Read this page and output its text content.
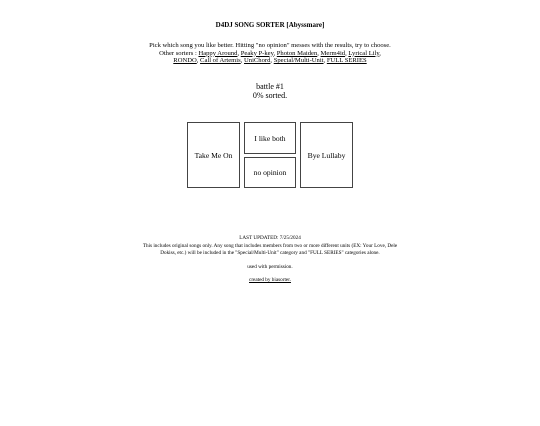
D4DJ SONG SORTER [Abyssmare]
Pick which song you like better. Hitting "no opinion" messes with the results, try to choose.
Other sorters : Happy Around, Peaky P-key, Photon Maiden, Merm4id, Lyrical Lily,
RONDO, Call of Artemis, UniChord, Special/Multi-Unit, FULL SERIES
battle #1
0% sorted.
Take Me On
I like both
no opinion
Bye Lullaby
LAST UPDATED: 7/25/2024
This includes original songs only. Any song that includes members from two or more different units (EX: Your Love, Dele Dokiss, etc.) will be included in the "Special/Multi-Unit" category and "FULL SERIES" categories alone.
used with permission.
created by biasorter.
